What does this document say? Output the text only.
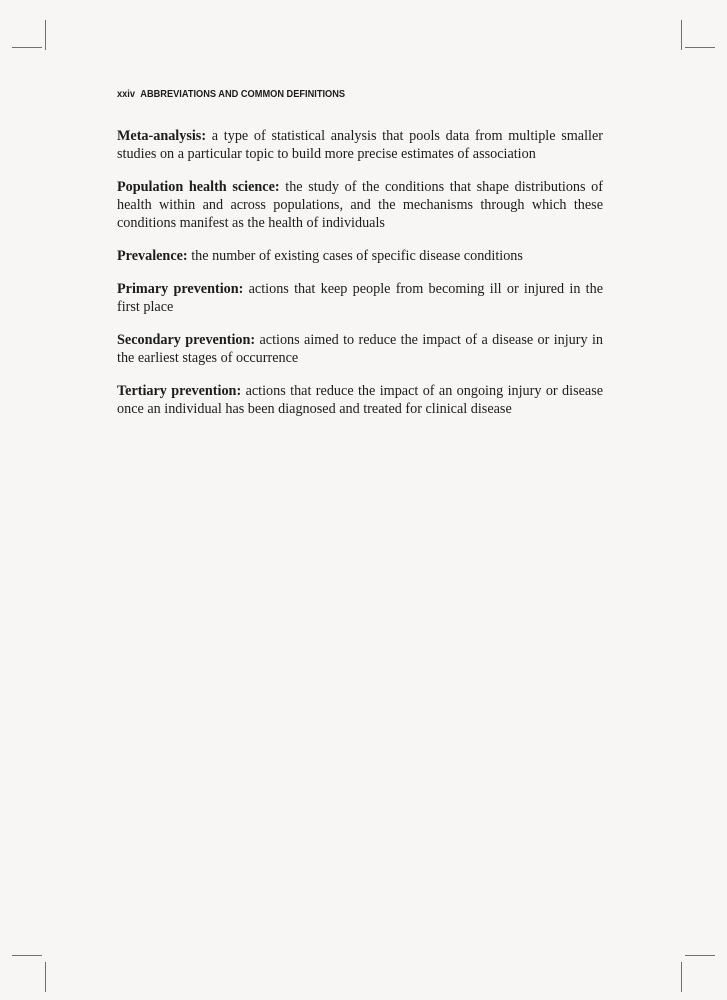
xxiv ABBREVIATIONS AND COMMON DEFINITIONS

Meta-analysis: a type of statistical analysis that pools data from multiple smaller studies on a particular topic to build more precise estimates of association

Population health science: the study of the conditions that shape distributions of health within and across populations, and the mechanisms through which these conditions manifest as the health of individuals

Prevalence: the number of existing cases of specific disease conditions

Primary prevention: actions that keep people from becoming ill or injured in the first place

Secondary prevention: actions aimed to reduce the impact of a disease or injury in the earliest stages of occurrence

Tertiary prevention: actions that reduce the impact of an ongoing injury or disease once an individual has been diagnosed and treated for clinical disease
